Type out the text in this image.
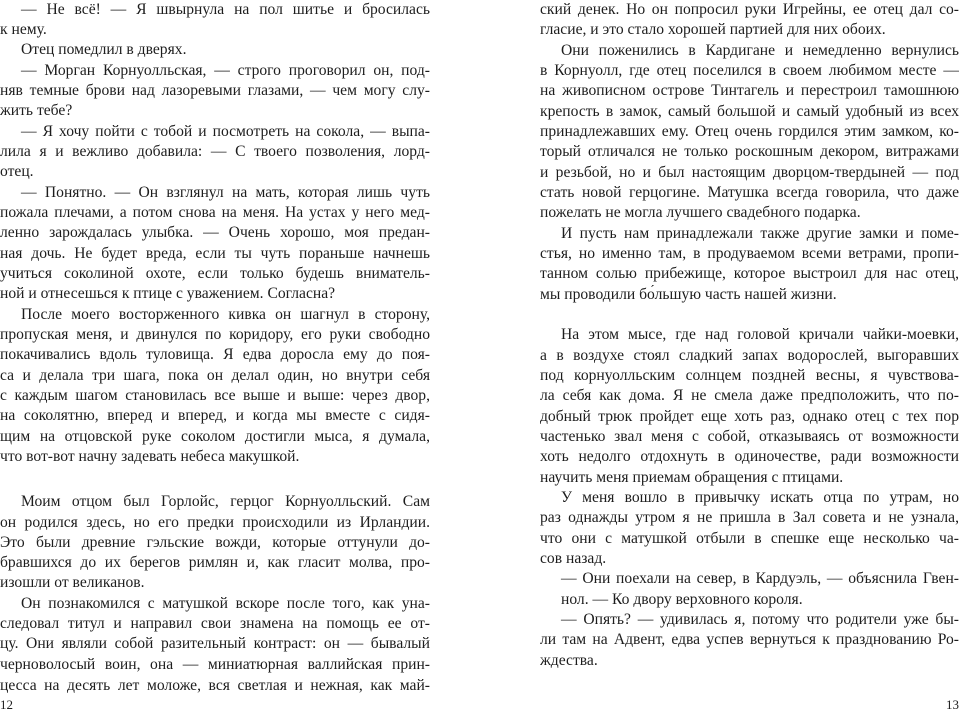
— Не всё! — Я швырнула на пол шитье и бросилась
к нему.
Отец помедлил в дверях.
— Морган Корнуолльская, — строго проговорил он, под-
няв темные брови над лазоревыми глазами, — чем могу слу-
жить тебе?
— Я хочу пойти с тобой и посмотреть на сокола, — выпа-
лила я и вежливо добавила: — С твоего позволения, лорд-
отец.
— Понятно. — Он взглянул на мать, которая лишь чуть
пожала плечами, а потом снова на меня. На устах у него мед-
ленно зарождалась улыбка. — Очень хорошо, моя предан-
ная дочь. Не будет вреда, если ты чуть пораньше начнешь
учиться соколиной охоте, если только будешь вниматель-
ной и отнесешься к птице с уважением. Согласна?
После моего восторженного кивка он шагнул в сторону,
пропуская меня, и двинулся по коридору, его руки свободно
покачивались вдоль туловища. Я едва доросла ему до поя-
са и делала три шага, пока он делал один, но внутри себя
с каждым шагом становилась все выше и выше: через двор,
на соколятню, вперед и вперед, и когда мы вместе с сидя-
щим на отцовской руке соколом достигли мыса, я думала,
что вот-вот начну задевать небеса макушкой.
Моим отцом был Горлойс, герцог Корнуолльский. Сам
он родился здесь, но его предки происходили из Ирландии.
Это были древние гэльские вожди, которые оттунули до-
бравшихся до их берегов римлян и, как гласит молва, про-
изошли от великанов.
Он познакомился с матушкой вскоре после того, как уна-
следовал титул и направил свои знамена на помощь ее от-
цу. Они являли собой разительный контраст: он — бывалый
черноволосый воин, она — миниатюрная валлийская прин-
цесса на десять лет моложе, вся светлая и нежная, как май-
12
ский денек. Но он попросил руки Игрейны, ее отец дал со-
гласие, и это стало хорошей партией для них обоих.
Они поженились в Кардигане и немедленно вернулись
в Корнуолл, где отец поселился в своем любимом месте —
на живописном острове Тинтагель и перестроил тамошнюю
крепость в замок, самый большой и самый удобный из всех
принадлежавших ему. Отец очень гордился этим замком, ко-
торый отличался не только роскошным декором, витражами
и резьбой, но и был настоящим дворцом-твердыней — под
стать новой герцогине. Матушка всегда говорила, что даже
пожелать не могла лучшего свадебного подарка.
И пусть нам принадлежали также другие замки и поме-
стья, но именно там, в продуваемом всеми ветрами, пропи-
танном солью прибежище, которое выстроил для нас отец,
мы проводили бо́льшую часть нашей жизни.
На этом мысе, где над головой кричали чайки-моевки,
а в воздухе стоял сладкий запах водорослей, выгоравших
под корнуолльским солнцем поздней весны, я чувствова-
ла себя как дома. Я не смела даже предположить, что по-
добный трюк пройдет еще хоть раз, однако отец с тех пор
частенько звал меня с собой, отказываясь от возможности
хоть недолго отдохнуть в одиночестве, ради возможности
научить меня приемам обращения с птицами.
У меня вошло в привычку искать отца по утрам, но
раз однажды утром я не пришла в Зал совета и не узнала,
что они с матушкой отбыли в спешке еще несколько ча-
сов назад.
— Они поехали на север, в Кардуэль, — объяснила Гвен-
нол. — Ко двору верховного короля.
— Опять? — удивилась я, потому что родители уже бы-
ли там на Адвент, едва успев вернуться к празднованию Ро-
ждества.
13
